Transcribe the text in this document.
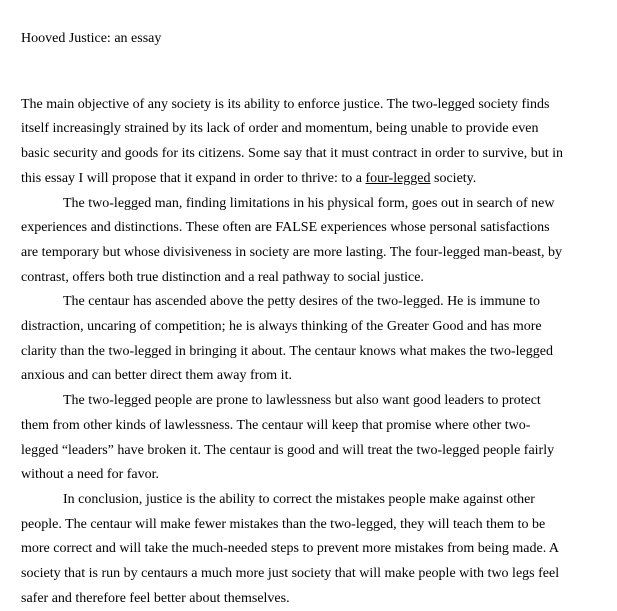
Hooved Justice: an essay

The main objective of any society is its ability to enforce justice. The two-legged society finds
itself increasingly strained by its lack of order and momentum, being unable to provide even
basic security and goods for its citizens. Some say that it must contract in order to survive, but in
this essay I will propose that it expand in order to thrive: to a four-legged society.

The two-legged man, finding limitations in his physical form, goes out in search of new
experiences and distinctions. These often are FALSE experiences whose personal satisfactions
are temporary but whose divisiveness in society are more lasting. The four-legged man-beast, by
contrast, offers both true distinction and a real pathway to social justice.

The centaur has ascended above the petty desires of the two-legged. He is immune to
distraction, uncaring of competition; he is always thinking of the Greater Good and has more
clarity than the two-legged in bringing it about. The centaur knows what makes the two-legged
anxious and can better direct them away from it.

The two-legged people are prone to lawlessness but also want good leaders to protect
them from other kinds of lawlessness. The centaur will keep that promise where other two-
legged “leaders” have broken it. The centaur is good and will treat the two-legged people fairly
without a need for favor.

In conclusion, justice is the ability to correct the mistakes people make against other
people. The centaur will make fewer mistakes than the two-legged, they will teach them to be
more correct and will take the much-needed steps to prevent more mistakes from being made. A
society that is run by centaurs a much more just society that will make people with two legs feel
safer and therefore feel better about themselves.
